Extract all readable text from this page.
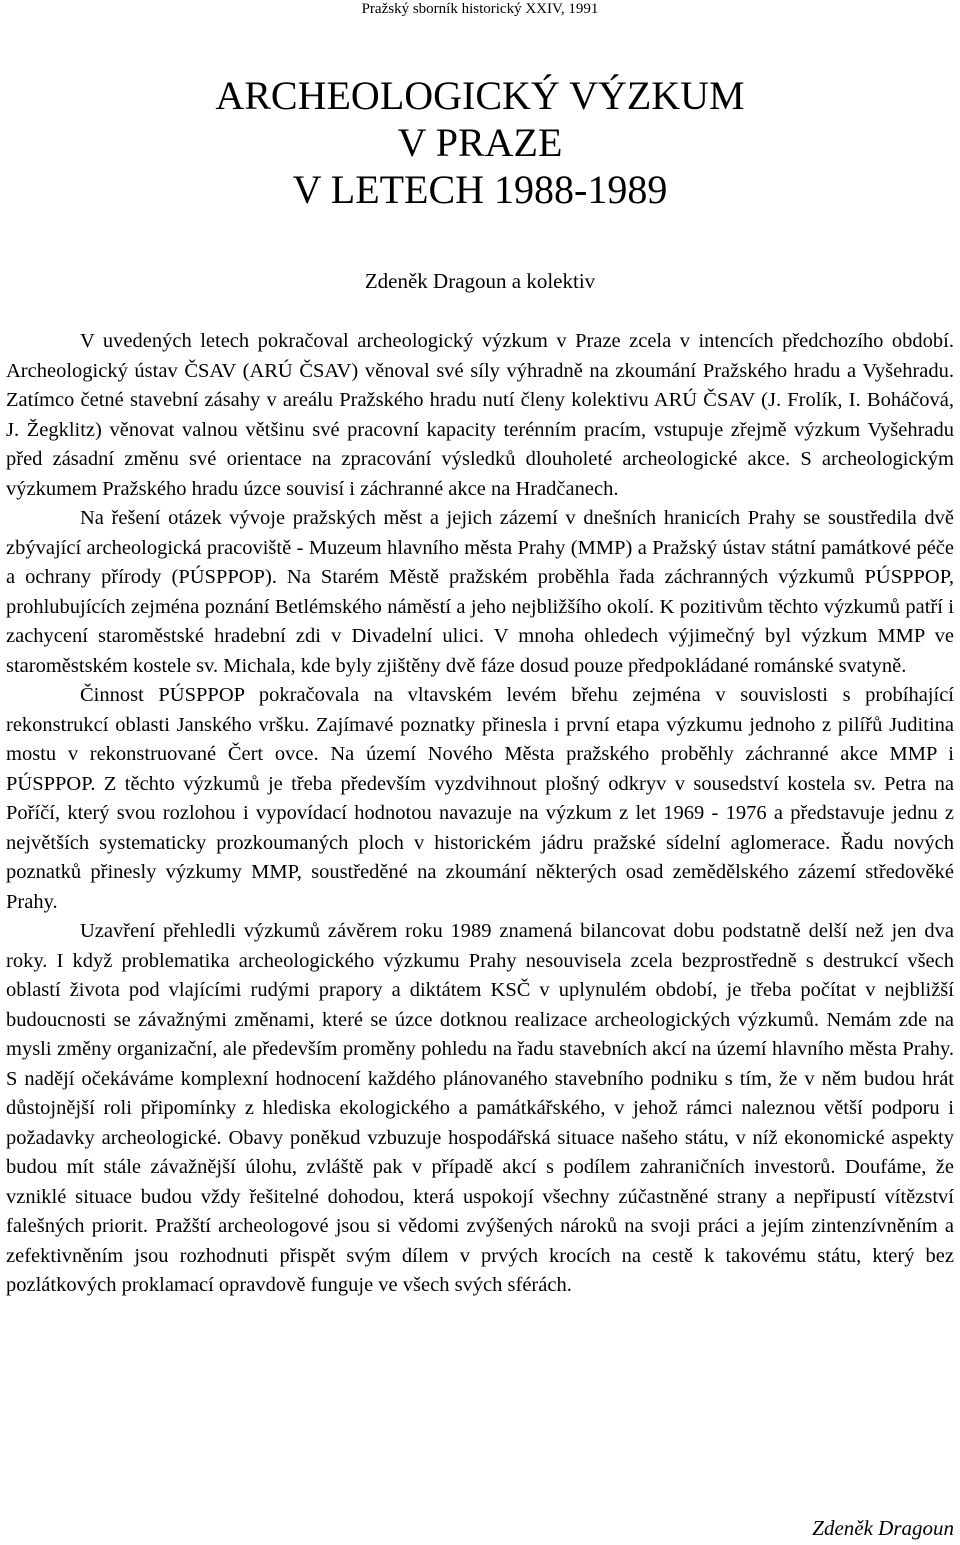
Pražský sborník historický XXIV, 1991
ARCHEOLOGICKÝ VÝZKUM
V PRAZE
V LETECH 1988-1989
Zdeněk Dragoun a kolektiv

V uvedených letech pokračoval archeologický výzkum v Praze zcela v intencích předchozího období. Archeologický ústav ČSAV (ARÚ ČSAV) věnoval své síly výhradně na zkoumání Pražského hradu a Vyšehradu. Zatímco četné stavební zásahy v areálu Pražského hradu nutí členy kolektivu ARÚ ČSAV (J. Frolík, I. Boháčová, J. Žegklitz) věnovat valnou většinu své pracovní kapacity terénním pracím, vstupuje zřejmě výzkum Vyšehradu před zásadní změnu své orientace na zpracování výsledků dlouholeté archeologické akce. S archeologickým výzkumem Pražského hradu úzce souvisí i záchranné akce na Hradčanech.

Na řešení otázek vývoje pražských měst a jejich zázemí v dnešních hranicích Prahy se soustředila dvě zbývající archeologická pracoviště - Muzeum hlavního města Prahy (MMP) a Pražský ústav státní památkové péče a ochrany přírody (PÚSPPOP). Na Starém Městě pražském proběhla řada záchranných výzkumů PÚSPPOP, prohlubujících zejména poznání Betlémského náměstí a jeho nejbližšího okolí. K pozitivům těchto výzkumů patří i zachycení staroměstské hradební zdi v Divadelní ulici. V mnoha ohledech výjimečný byl výzkum MMP ve staroměstském kostele sv. Michala, kde byly zjištěny dvě fáze dosud pouze předpokládané románské svatyně.

Činnost PÚSPPOP pokračovala na vltavském levém břehu zejména v souvislosti s probíhající rekonstrukcí oblasti Janského vršku. Zajímavé poznatky přinesla i první etapa výzkumu jednoho z pilířů Juditina mostu v rekonstruované Čert ovce. Na území Nového Města pražského proběhly záchranné akce MMP i PÚSPPOP. Z těchto výzkumů je třeba především vyzdvihnout plošný odkryv v sousedství kostela sv. Petra na Poříčí, který svou rozlohou i vypovídací hodnotou navazuje na výzkum z let 1969 - 1976 a představuje jednu z největších systematicky prozkoumaných ploch v historickém jádru pražské sídelní aglomerace. Řadu nových poznatků přinesly výzkumy MMP, soustředěné na zkoumání některých osad zemědělského zázemí středověké Prahy.

Uzavření přehledli výzkumů závěrem roku 1989 znamená bilancovat dobu podstatně delší než jen dva roky. I když problematika archeologického výzkumu Prahy nesouvisela zcela bezprostředně s destrukcí všech oblastí života pod vlajícími rudými prapory a diktátem KSČ v uplynulém období, je třeba počítat v nejbližší budoucnosti se závažnými změnami, které se úzce dotknou realizace archeologických výzkumů. Nemám zde na mysli změny organizační, ale především proměny pohledu na řadu stavebních akcí na území hlavního města Prahy. S nadějí očekáváme komplexní hodnocení každého plánovaného stavebního podniku s tím, že v něm budou hrát důstojnější roli připomínky z hlediska ekologického a památkářského, v jehož rámci naleznou větší podporu i požadavky archeologické. Obavy poněkud vzbuzuje hospodářská situace našeho státu, v níž ekonomické aspekty budou mít stále závažnější úlohu, zvláště pak v případě akcí s podílem zahraničních investorů. Doufáme, že vzniklé situace budou vždy řešitelné dohodou, která uspokojí všechny zúčastněné strany a nepřipustí vítězství falešných priorit. Pražští archeologové jsou si vědomi zvýšených nároků na svoji práci a jejím zintenzívněním a zefektivněním jsou rozhodnuti přispět svým dílem v prvých krocích na cestě k takovému státu, který bez pozlátkových proklamací opravdově funguje ve všech svých sférách.

Zdeněk Dragoun
